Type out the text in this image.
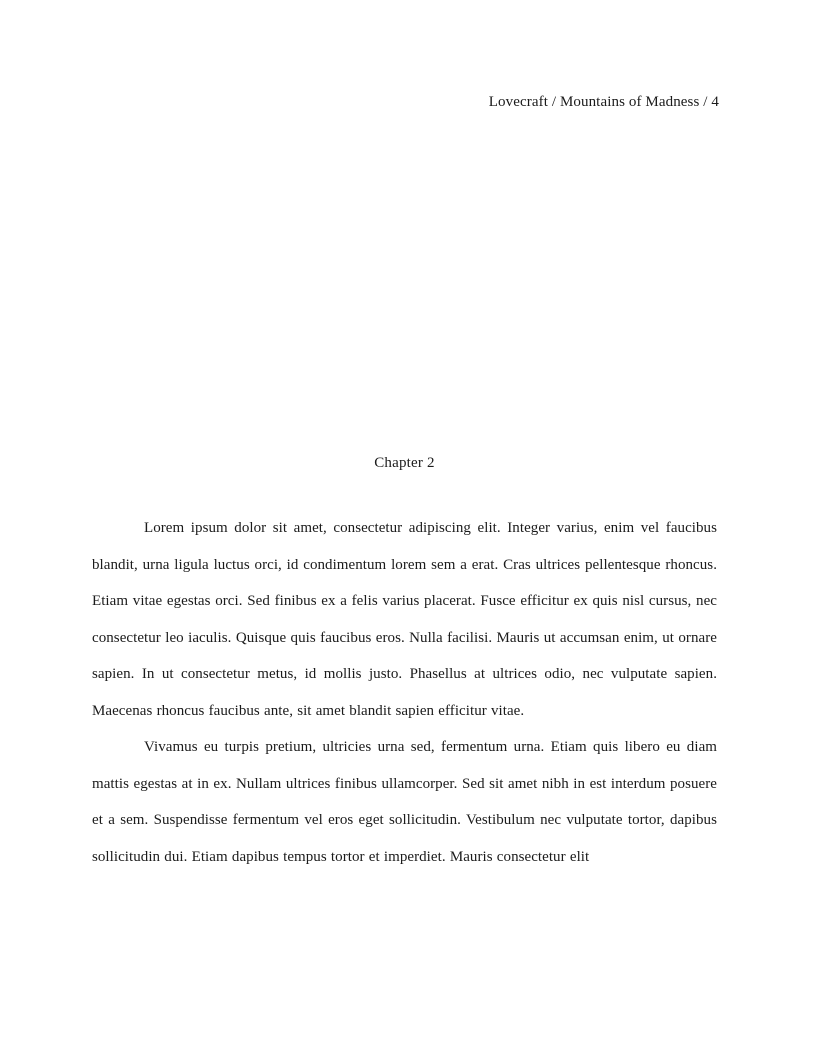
Lovecraft / Mountains of Madness / 4
Chapter 2

Lorem ipsum dolor sit amet, consectetur adipiscing elit. Integer varius, enim vel faucibus blandit, urna ligula luctus orci, id condimentum lorem sem a erat. Cras ultrices pellentesque rhoncus. Etiam vitae egestas orci. Sed finibus ex a felis varius placerat. Fusce efficitur ex quis nisl cursus, nec consectetur leo iaculis. Quisque quis faucibus eros. Nulla facilisi. Mauris ut accumsan enim, ut ornare sapien. In ut consectetur metus, id mollis justo. Phasellus at ultrices odio, nec vulputate sapien. Maecenas rhoncus faucibus ante, sit amet blandit sapien efficitur vitae.

Vivamus eu turpis pretium, ultricies urna sed, fermentum urna. Etiam quis libero eu diam mattis egestas at in ex. Nullam ultrices finibus ullamcorper. Sed sit amet nibh in est interdum posuere et a sem. Suspendisse fermentum vel eros eget sollicitudin. Vestibulum nec vulputate tortor, dapibus sollicitudin dui. Etiam dapibus tempus tortor et imperdiet. Mauris consectetur elit
